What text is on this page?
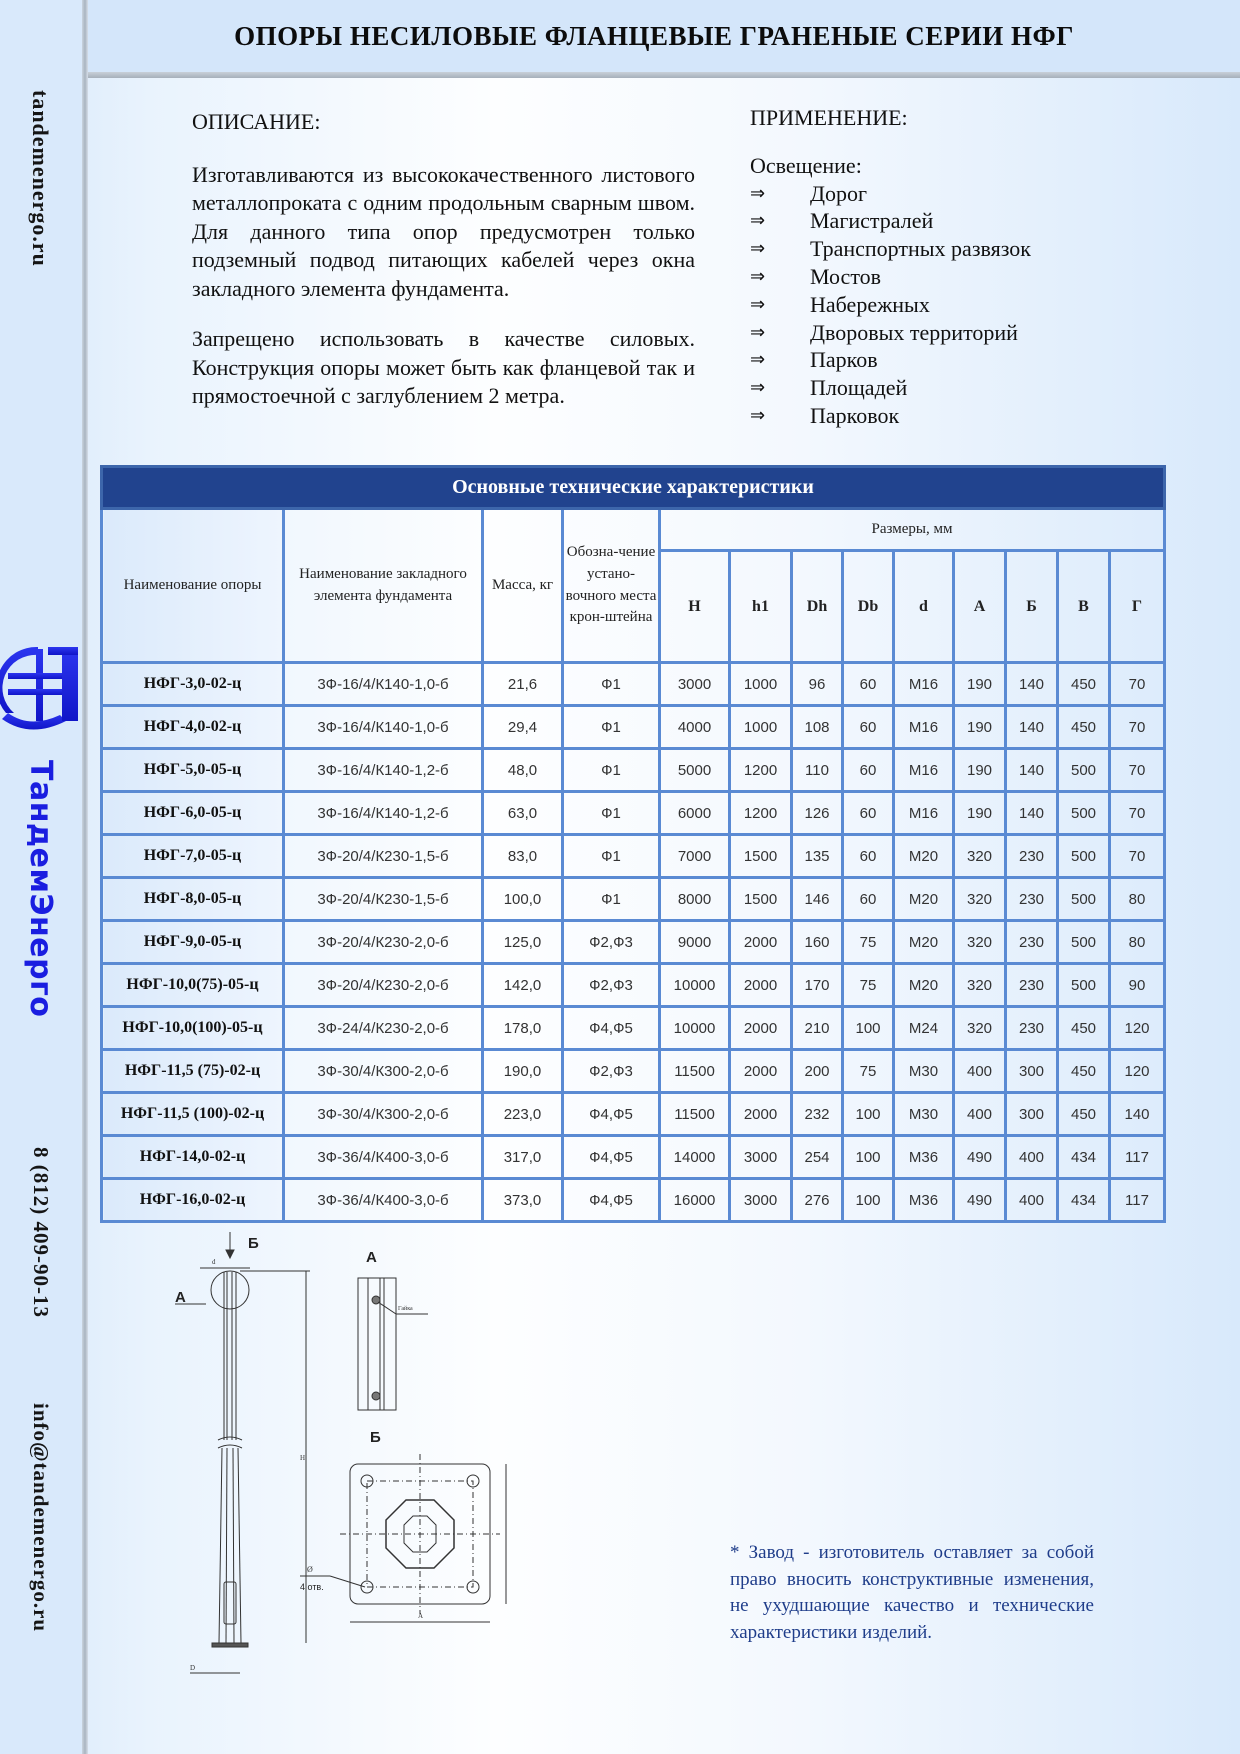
tandemenergo.ru
ТандемЭнерго
8 (812) 409-90-13
info@tandemenergo.ru
ОПОРЫ НЕСИЛОВЫЕ ФЛАНЦЕВЫЕ ГРАНЕНЫЕ СЕРИИ НФГ
ОПИСАНИЕ:

Изготавливаются из высококачественного листового металлопроката с одним продольным сварным швом. Для данного типа опор предусмотрен только подземный подвод питающих кабелей через окна закладного элемента фундамента.

Запрещено использовать в качестве силовых. Конструкция опоры может быть как фланцевой так и прямостоечной с заглублением 2 метра.

ПРИМЕНЕНИЕ:
Освещение:
⇒	Дорог
⇒	Магистралей
⇒	Транспортных развязок
⇒	Мостов
⇒	Набережных
⇒	Дворовых территорий
⇒	Парков
⇒	Площадей
⇒	Парковок
Основные технические характеристики												
Наименование опоры	Наименование закладного элемента фундамента	Масса, кг	Обозна-чение устано-вочного места крон-штейна	Размеры, мм								
				H	h1	Dh	Db	d	А	Б	В	Г
НФГ-3,0-02-ц	3Ф-16/4/К140-1,0-б	21,6	Ф1	3000	1000	96	60	М16	190	140	450	70
НФГ-4,0-02-ц	3Ф-16/4/К140-1,0-б	29,4	Ф1	4000	1000	108	60	М16	190	140	450	70
НФГ-5,0-05-ц	3Ф-16/4/К140-1,2-б	48,0	Ф1	5000	1200	110	60	М16	190	140	500	70
НФГ-6,0-05-ц	3Ф-16/4/К140-1,2-б	63,0	Ф1	6000	1200	126	60	М16	190	140	500	70
НФГ-7,0-05-ц	3Ф-20/4/К230-1,5-б	83,0	Ф1	7000	1500	135	60	М20	320	230	500	70
НФГ-8,0-05-ц	3Ф-20/4/К230-1,5-б	100,0	Ф1	8000	1500	146	60	М20	320	230	500	80
НФГ-9,0-05-ц	3Ф-20/4/К230-2,0-б	125,0	Ф2,Ф3	9000	2000	160	75	М20	320	230	500	80
НФГ-10,0(75)-05-ц	3Ф-20/4/К230-2,0-б	142,0	Ф2,Ф3	10000	2000	170	75	М20	320	230	500	90
НФГ-10,0(100)-05-ц	3Ф-24/4/К230-2,0-б	178,0	Ф4,Ф5	10000	2000	210	100	М24	320	230	450	120
НФГ-11,5 (75)-02-ц	3Ф-30/4/К300-2,0-б	190,0	Ф2,Ф3	11500	2000	200	75	М30	400	300	450	120
НФГ-11,5 (100)-02-ц	3Ф-30/4/К300-2,0-б	223,0	Ф4,Ф5	11500	2000	232	100	М30	400	300	450	140
НФГ-14,0-02-ц	3Ф-36/4/К400-3,0-б	317,0	Ф4,Ф5	14000	3000	254	100	М36	490	400	434	117
НФГ-16,0-02-ц	3Ф-36/4/К400-3,0-б	373,0	Ф4,Ф5	16000	3000	276	100	М36	490	400	434	117
Б
d
А
H
D
А
Гайка
Б
Ø
4 отв.
А
* Завод - изготовитель оставляет за собой право вносить конструктивные изменения, не ухудшающие качество и технические характеристики изделий.
